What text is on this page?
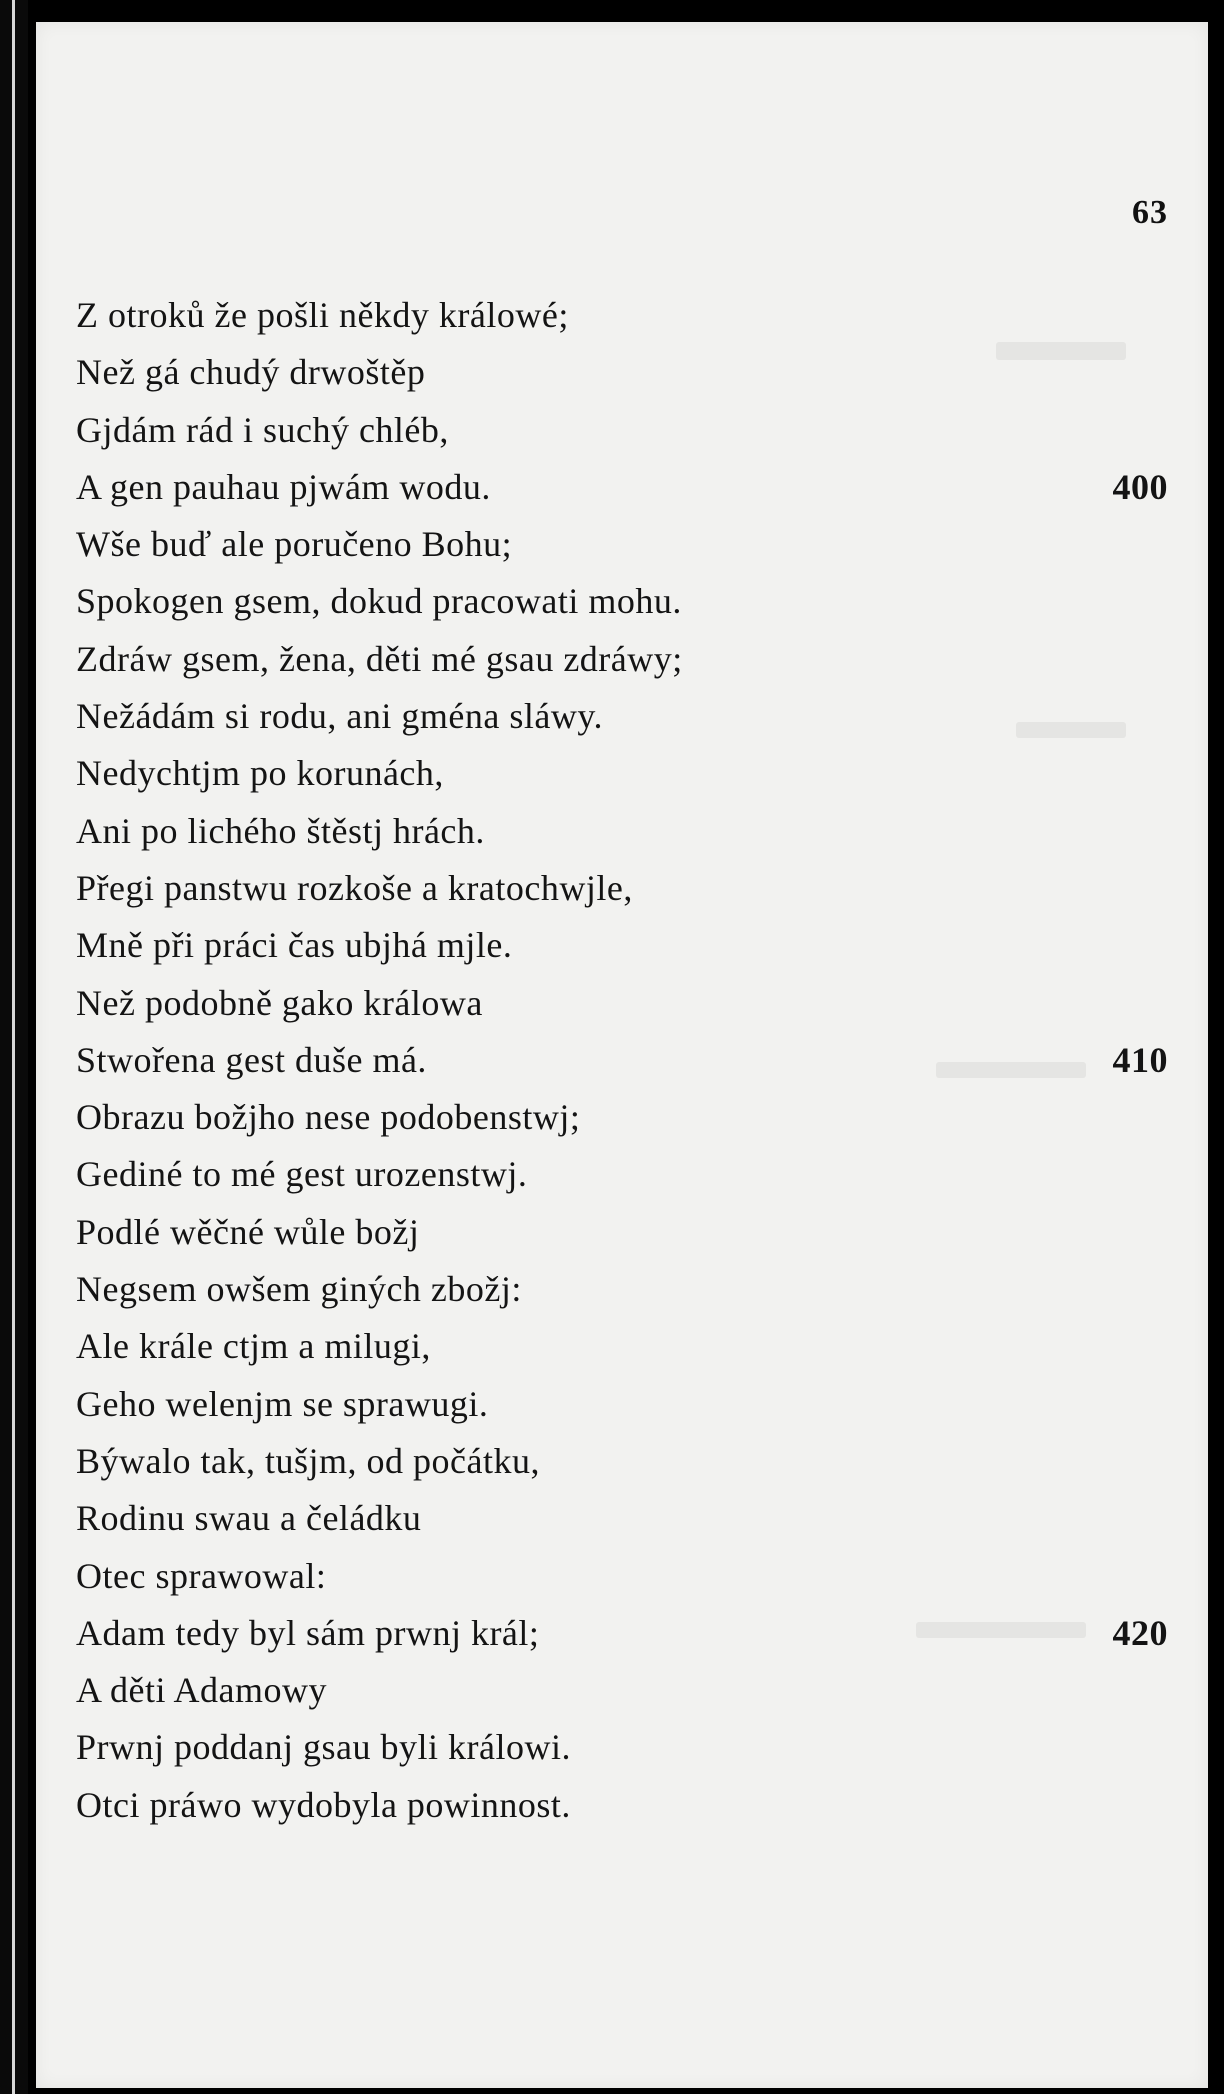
63
Z otroků že pošli někdy králowé;
Než gá chudý drwoštěp
Gjdám rád i suchý chléb,
A gen pauhau pjwám wodu.	400
Wše buď ale poručeno Bohu;
Spokogen gsem, dokud pracowati mohu.
Zdráw gsem, žena, děti mé gsau zdráwy;
Nežádám si rodu, ani gména sláwy.
Nedychtjm po korunách,
Ani po lichého štěstj hrách.
Přegi panstwu rozkoše a kratochwjle,
Mně při práci čas ubjhá mjle.
Než podobně gako králowa
Stwořena gest duše má.	410
Obrazu božjho nese podobenstwj;
Gediné to mé gest urozenstwj.
Podlé wěčné wůle božj
Negsem owšem giných zbožj:
Ale krále ctjm a milugi,
Geho welenjm se sprawugi.
Býwalo tak, tušjm, od počátku,
Rodinu swau a čeládku
Otec sprawowal:
Adam tedy byl sám prwnj král;	420
A děti Adamowy
Prwnj poddanj gsau byli králowi.
Otci práwo wydobyla powinnost.
